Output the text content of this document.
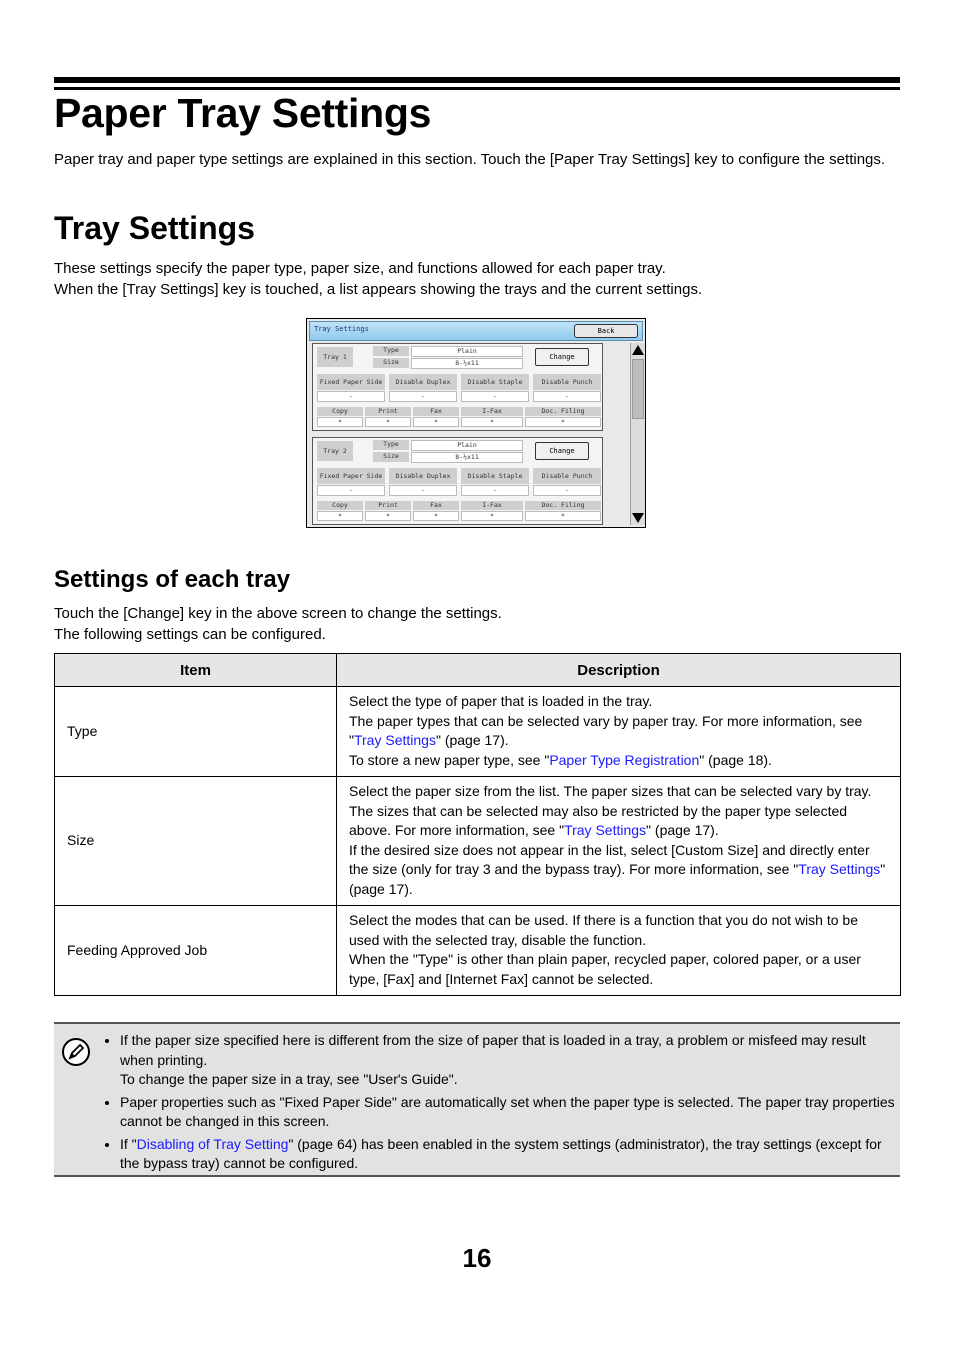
Paper Tray Settings

Paper tray and paper type settings are explained in this section. Touch the [Paper Tray Settings] key to configure the settings.

Tray Settings

These settings specify the paper type, paper size, and functions allowed for each paper tray.

When the [Tray Settings] key is touched, a list appears showing the trays and the current settings.

Tray Settings	Back
Tray 1
Type	Plain
Size	8-½x11
Change
Fixed Paper Side	Disable Duplex	Disable Staple	Disable Punch
-	-	-	-
Copy	Print	Fax	I-Fax	Doc. Filing
*	*	*	*	*
Tray 2
Type	Plain
Size	8-½x11
Change
Fixed Paper Side	Disable Duplex	Disable Staple	Disable Punch
-	-	-	-
Copy	Print	Fax	I-Fax	Doc. Filing
*	*	*	*	*
Settings of each tray

Touch the [Change] key in the above screen to change the settings.

The following settings can be configured.

Item	Description
Type	Select the type of paper that is loaded in the tray.
The paper types that can be selected vary by paper tray. For more information, see "Tray Settings" (page 17).
To store a new paper type, see "Paper Type Registration" (page 18).
Size	Select the paper size from the list. The paper sizes that can be selected vary by tray. The sizes that can be selected may also be restricted by the paper type selected above. For more information, see "Tray Settings" (page 17).
If the desired size does not appear in the list, select [Custom Size] and directly enter the size (only for tray 3 and the bypass tray). For more information, see "Tray Settings" (page 17).
Feeding Approved Job	Select the modes that can be used. If there is a function that you do not wish to be used with the selected tray, disable the function.
When the "Type" is other than plain paper, recycled paper, colored paper, or a user type, [Fax] and [Internet Fax] cannot be selected.
• If the paper size specified here is different from the size of paper that is loaded in a tray, a problem or misfeed may result when printing.
To change the paper size in a tray, see "User's Guide".
• Paper properties such as "Fixed Paper Side" are automatically set when the paper type is selected. The paper tray properties cannot be changed in this screen.
• If "Disabling of Tray Setting" (page 64) has been enabled in the system settings (administrator), the tray settings (except for the bypass tray) cannot be configured.
16
